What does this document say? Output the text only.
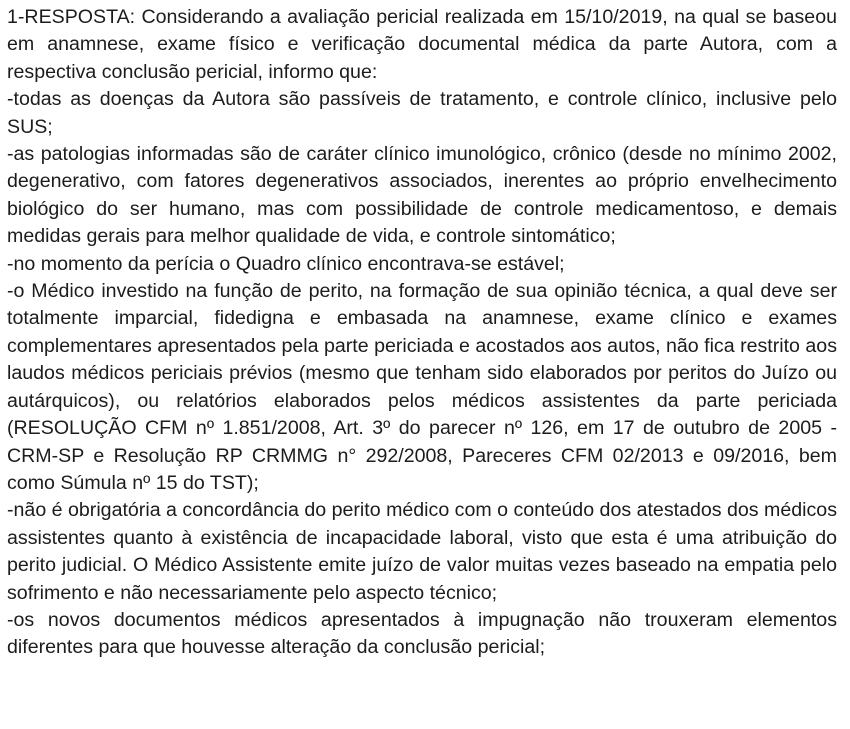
1-RESPOSTA: Considerando a avaliação pericial realizada em 15/10/2019, na qual se baseou em anamnese, exame físico e verificação documental médica da parte Autora, com a respectiva conclusão pericial, informo que:

-todas as doenças da Autora são passíveis de tratamento, e controle clínico, inclusive pelo SUS;

-as patologias informadas são de caráter clínico imunológico, crônico (desde no mínimo 2002, degenerativo, com fatores degenerativos associados, inerentes ao próprio envelhecimento biológico do ser humano, mas com possibilidade de controle medicamentoso, e demais medidas gerais para melhor qualidade de vida, e controle sintomático;

-no momento da perícia o Quadro clínico encontrava-se estável;

-o Médico investido na função de perito, na formação de sua opinião técnica, a qual deve ser totalmente imparcial, fidedigna e embasada na anamnese, exame clínico e exames complementares apresentados pela parte periciada e acostados aos autos, não fica restrito aos laudos médicos periciais prévios (mesmo que tenham sido elaborados por peritos do Juízo ou autárquicos), ou relatórios elaborados pelos médicos assistentes da parte periciada (RESOLUÇÃO CFM nº 1.851/2008, Art. 3º do parecer nº 126, em 17 de outubro de 2005 - CRM-SP e Resolução RP CRMMG n° 292/2008, Pareceres CFM 02/2013 e 09/2016, bem como Súmula nº 15 do TST);

-não é obrigatória a concordância do perito médico com o conteúdo dos atestados dos médicos assistentes quanto à existência de incapacidade laboral, visto que esta é uma atribuição do perito judicial. O Médico Assistente emite juízo de valor muitas vezes baseado na empatia pelo sofrimento e não necessariamente pelo aspecto técnico;

-os novos documentos médicos apresentados à impugnação não trouxeram elementos diferentes para que houvesse alteração da conclusão pericial;
